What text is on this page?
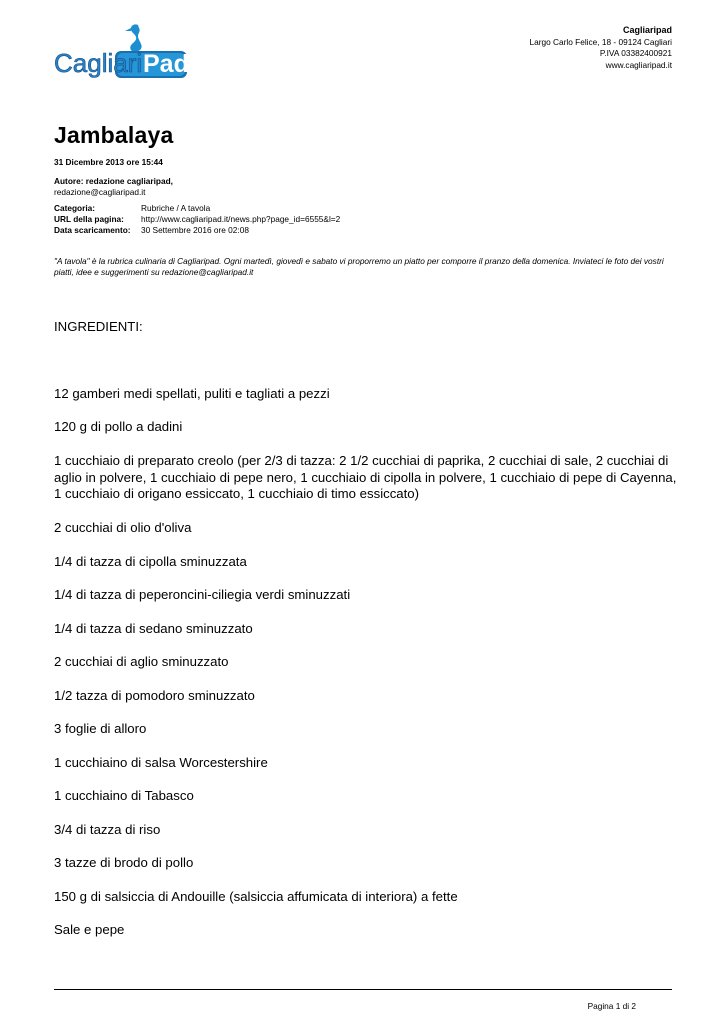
Cagliari Pad
Cagliaripad
Largo Carlo Felice, 18 - 09124 Cagliari
P.IVA 03382400921
www.cagliaripad.it
Jambalaya
31 Dicembre 2013 ore 15:44
Autore: redazione cagliaripad,
redazione@cagliaripad.it
Categoria:	Rubriche / A tavola
URL della pagina:	http://www.cagliaripad.it/news.php?page_id=6555&l=2
Data scaricamento:	30 Settembre 2016 ore 02:08
"A tavola" è la rubrica culinaria di Cagliaripad. Ogni martedì, giovedì e sabato vi proporremo un piatto per comporre il pranzo della domenica. Inviateci le foto dei vostri piatti, idee e suggerimenti su redazione@cagliaripad.it
INGREDIENTI:
12 gamberi medi spellati, puliti e tagliati a pezzi
120 g di pollo a dadini
1 cucchiaio di preparato creolo (per 2/3 di tazza: 2 1/2 cucchiai di paprika, 2 cucchiai di sale, 2 cucchiai di aglio in polvere, 1 cucchiaio di pepe nero, 1 cucchiaio di cipolla in polvere, 1 cucchiaio di pepe di Cayenna, 1 cucchiaio di origano essiccato, 1 cucchiaio di timo essiccato)
2 cucchiai di olio d'oliva
1/4 di tazza di cipolla sminuzzata
1/4 di tazza di peperoncini-ciliegia verdi sminuzzati
1/4 di tazza di sedano sminuzzato
2 cucchiai di aglio sminuzzato
1/2 tazza di pomodoro sminuzzato
3 foglie di alloro
1 cucchiaino di salsa Worcestershire
1 cucchiaino di Tabasco
3/4 di tazza di riso
3 tazze di brodo di pollo
150 g di salsiccia di Andouille (salsiccia affumicata di interiora) a fette
Sale e pepe
Pagina 1 di 2
